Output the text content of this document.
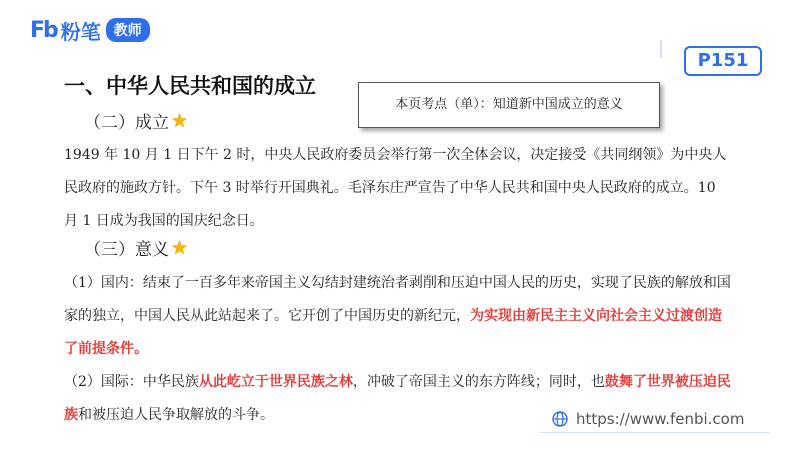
Fb 粉笔 教师
P151
一、中华人民共和国的成立
本页考点（单）：知道新中国成立的意义
（二）成立 ★
1949 年 10 月 1 日下午 2 时，中央人民政府委员会举行第一次全体会议，决定接受《共同纲领》为中央人民政府的施政方针。下午 3 时举行开国典礼。毛泽东庄严宣告了中华人民共和国中央人民政府的成立。10 月 1 日成为我国的国庆纪念日。
（三）意义 ★
（1）国内：结束了一百多年来帝国主义勾结封建统治者剥削和压迫中国人民的历史，实现了民族的解放和国家的独立，中国人民从此站起来了。它开创了中国历史的新纪元，为实现由新民主主义向社会主义过渡创造了前提条件。
（2）国际：中华民族从此屹立于世界民族之林，冲破了帝国主义的东方阵线；同时，也鼓舞了世界被压迫民族和被压迫人民争取解放的斗争。	https://www.fenbi.com
